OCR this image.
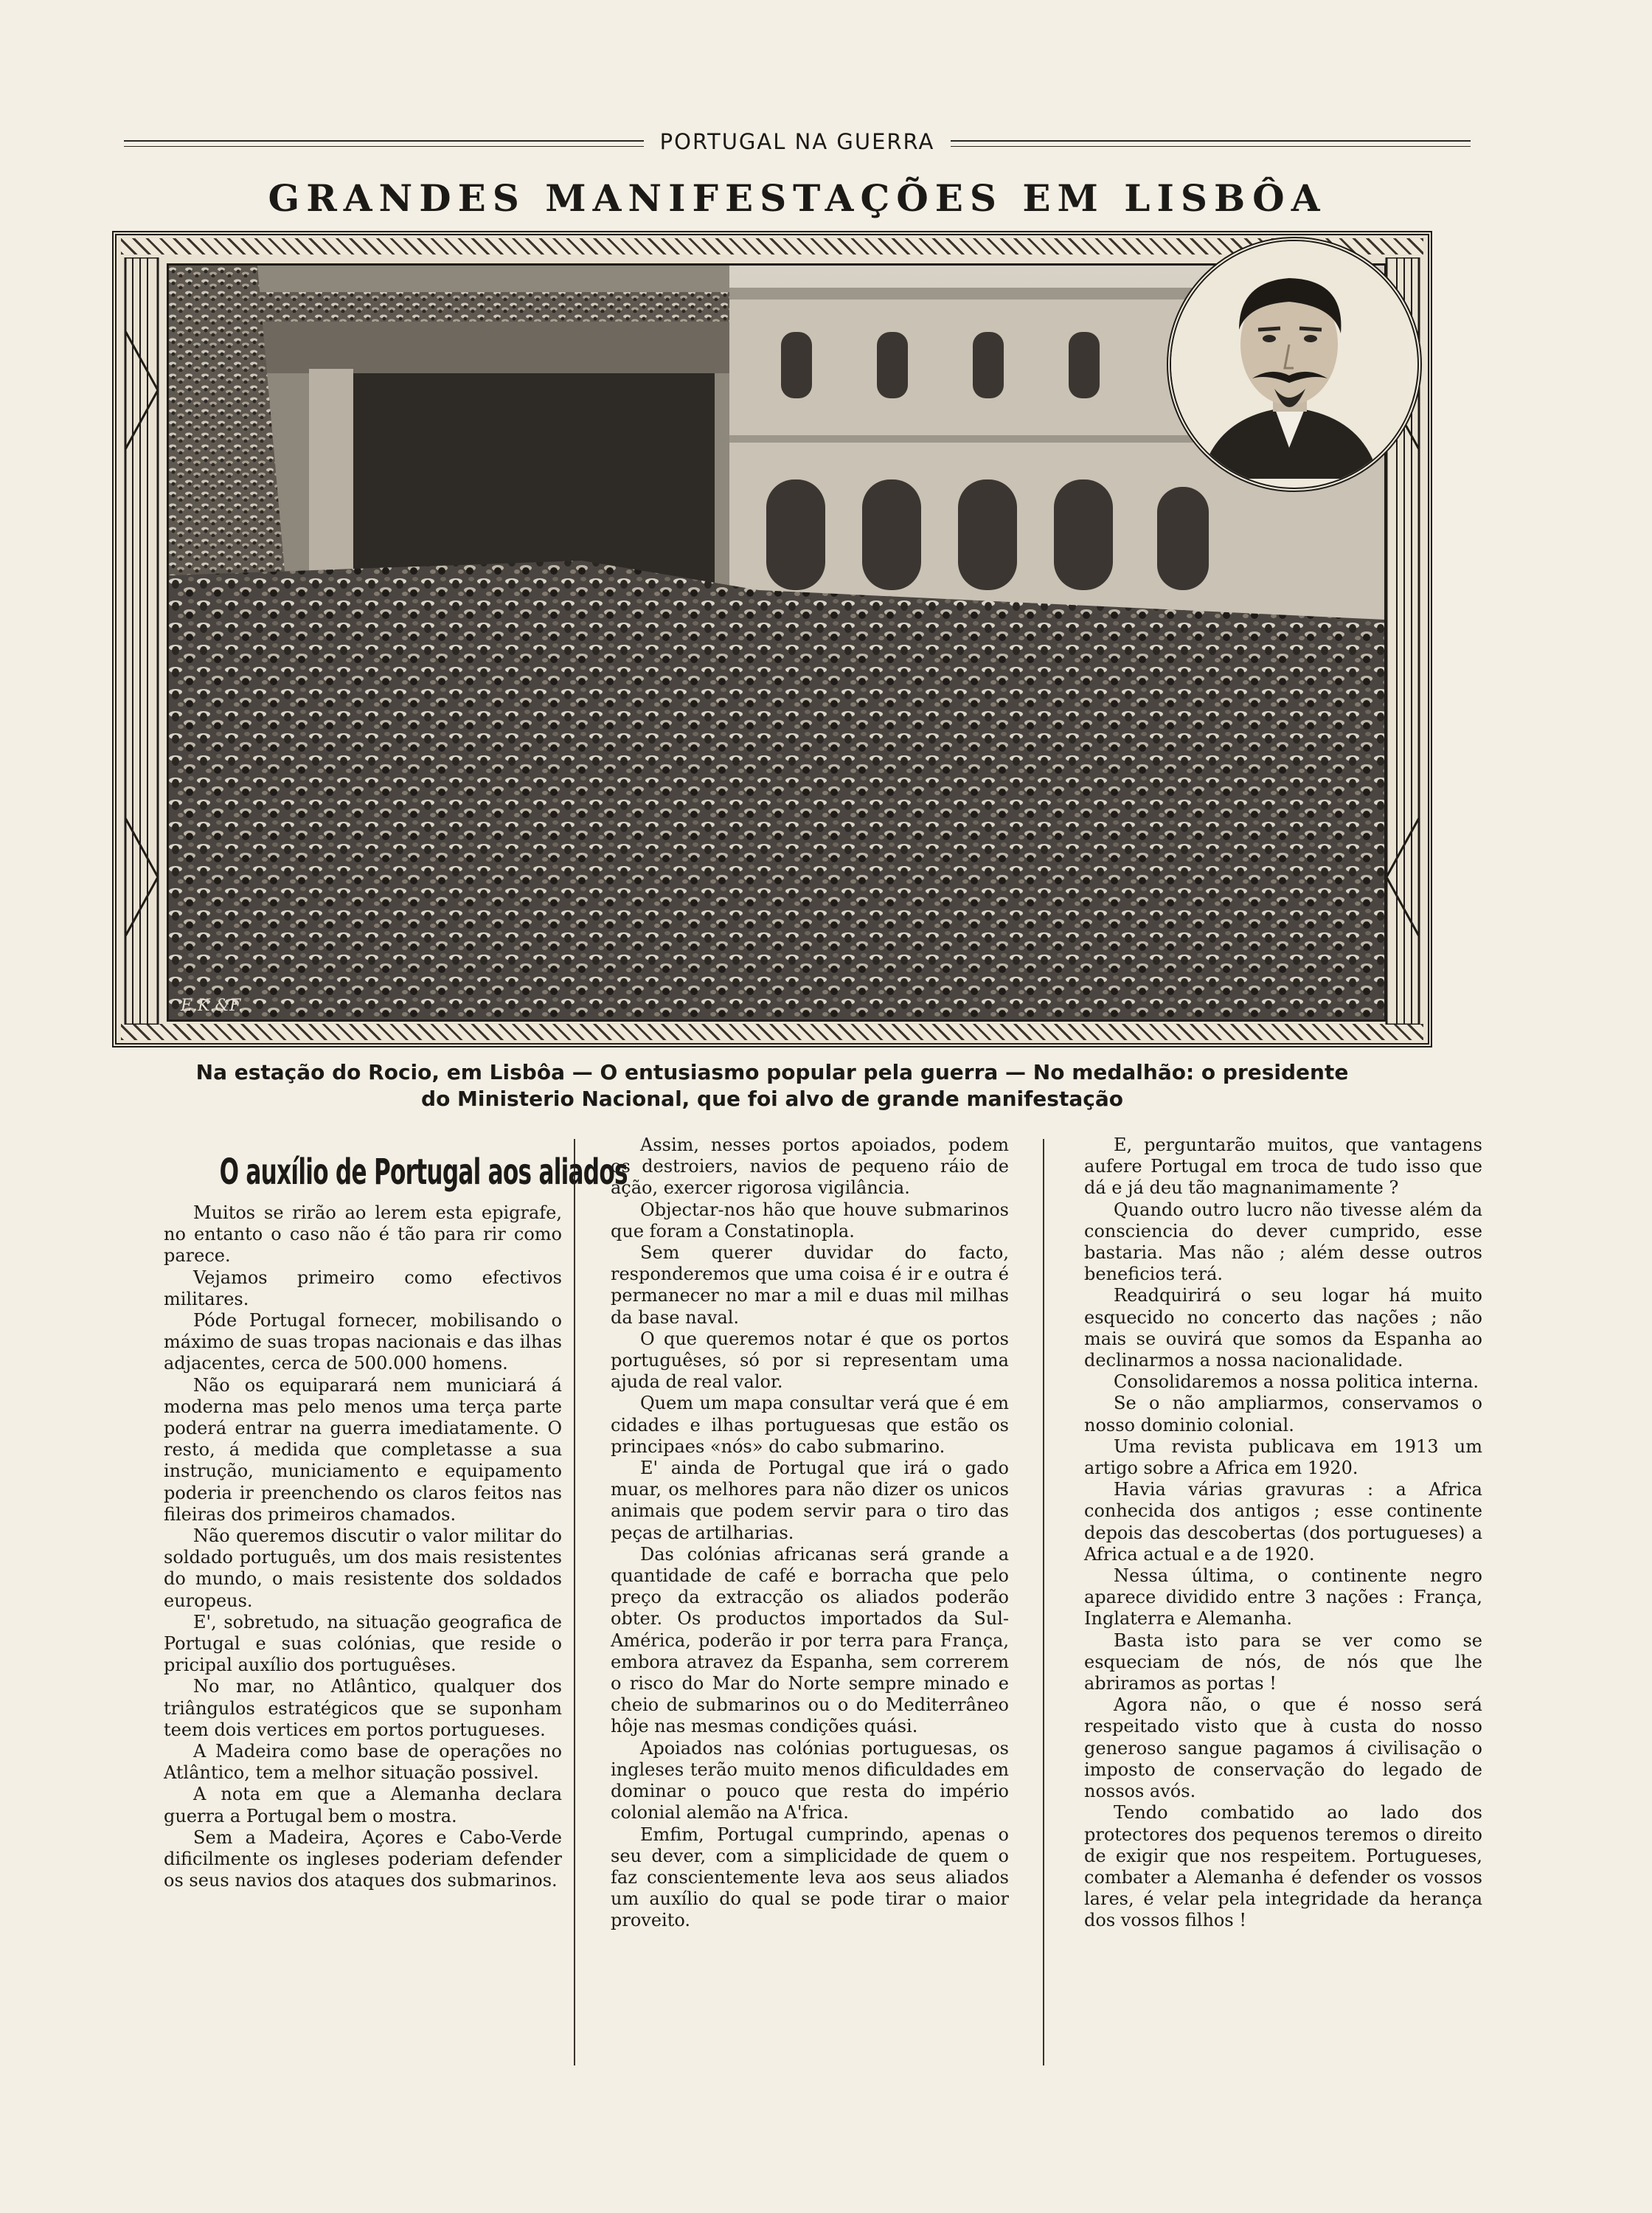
PORTUGAL NA GUERRA
GRANDES MANIFESTAÇÕES EM LISBÔA
E.K.&F.
Na estação do Rocio, em Lisbôa — O entusiasmo popular pela guerra — No medalhão: o presidente
do Ministerio Nacional, que foi alvo de grande manifestação
O auxílio de Portugal aos aliados

Muitos se rirão ao lerem esta epigrafe, no entanto o caso não é tão para rir como parece.

Vejamos primeiro como efectivos militares.

Póde Portugal fornecer, mobilisando o máximo de suas tropas nacionais e das ilhas adjacentes, cerca de 500.000 homens.

Não os equiparará nem municiará á moderna mas pelo menos uma terça parte poderá entrar na guerra imediatamente. O resto, á medida que completasse a sua instrução, municiamento e equipamento poderia ir preenchendo os claros feitos nas fileiras dos primeiros chamados.

Não queremos discutir o valor militar do soldado português, um dos mais resistentes do mundo, o mais resistente dos soldados europeus.

E', sobretudo, na situação geografica de Portugal e suas colónias, que reside o pricipal auxílio dos portuguêses.

No mar, no Atlântico, qualquer dos triângulos estratégicos que se suponham teem dois vertices em portos portugueses.

A Madeira como base de operações no Atlântico, tem a melhor situação possivel.

A nota em que a Alemanha declara guerra a Portugal bem o mostra.

Sem a Madeira, Açores e Cabo-Verde dificilmente os ingleses poderiam defender os seus navios dos ataques dos submarinos.

Assim, nesses portos apoiados, podem os destroiers, navios de pequeno ráio de ação, exercer rigorosa vigilância.

Objectar-nos hão que houve submarinos que foram a Constatinopla.

Sem querer duvidar do facto, responderemos que uma coisa é ir e outra é permanecer no mar a mil e duas mil milhas da base naval.

O que queremos notar é que os portos portuguêses, só por si representam uma ajuda de real valor.

Quem um mapa consultar verá que é em cidades e ilhas portuguesas que estão os principaes «nós» do cabo submarino.

E' ainda de Portugal que irá o gado muar, os melhores para não dizer os unicos animais que podem servir para o tiro das peças de artilharias.

Das colónias africanas será grande a quantidade de café e borracha que pelo preço da extracção os aliados poderão obter. Os productos importados da Sul-América, poderão ir por terra para França, embora atravez da Espanha, sem correrem o risco do Mar do Norte sempre minado e cheio de submarinos ou o do Mediterrâneo hôje nas mesmas condições quási.

Apoiados nas colónias portuguesas, os ingleses terão muito menos dificuldades em dominar o pouco que resta do império colonial alemão na A'frica.

Emfim, Portugal cumprindo, apenas o seu dever, com a simplicidade de quem o faz conscientemente leva aos seus aliados um auxílio do qual se pode tirar o maior proveito.

E, perguntarão muitos, que vantagens aufere Portugal em troca de tudo isso que dá e já deu tão magnanimamente ?

Quando outro lucro não tivesse além da consciencia do dever cumprido, esse bastaria. Mas não ; além desse outros beneficios terá.

Readquirirá o seu logar há muito esquecido no concerto das nações ; não mais se ouvirá que somos da Espanha ao declinarmos a nossa nacionalidade.

Consolidaremos a nossa politica interna.

Se o não ampliarmos, conservamos o nosso dominio colonial.

Uma revista publicava em 1913 um artigo sobre a Africa em 1920.

Havia várias gravuras : a Africa conhecida dos antigos ; esse continente depois das descobertas (dos portugueses) a Africa actual e a de 1920.

Nessa última, o continente negro aparece dividido entre 3 nações : França, Inglaterra e Alemanha.

Basta isto para se ver como se esqueciam de nós, de nós que lhe abriramos as portas !

Agora não, o que é nosso será respeitado visto que à custa do nosso generoso sangue pagamos á civilisação o imposto de conservação do legado de nossos avós.

Tendo combatido ao lado dos protectores dos pequenos teremos o direito de exigir que nos respeitem. Portugueses, combater a Alemanha é defender os vossos lares, é velar pela integridade da herança dos vossos filhos !
